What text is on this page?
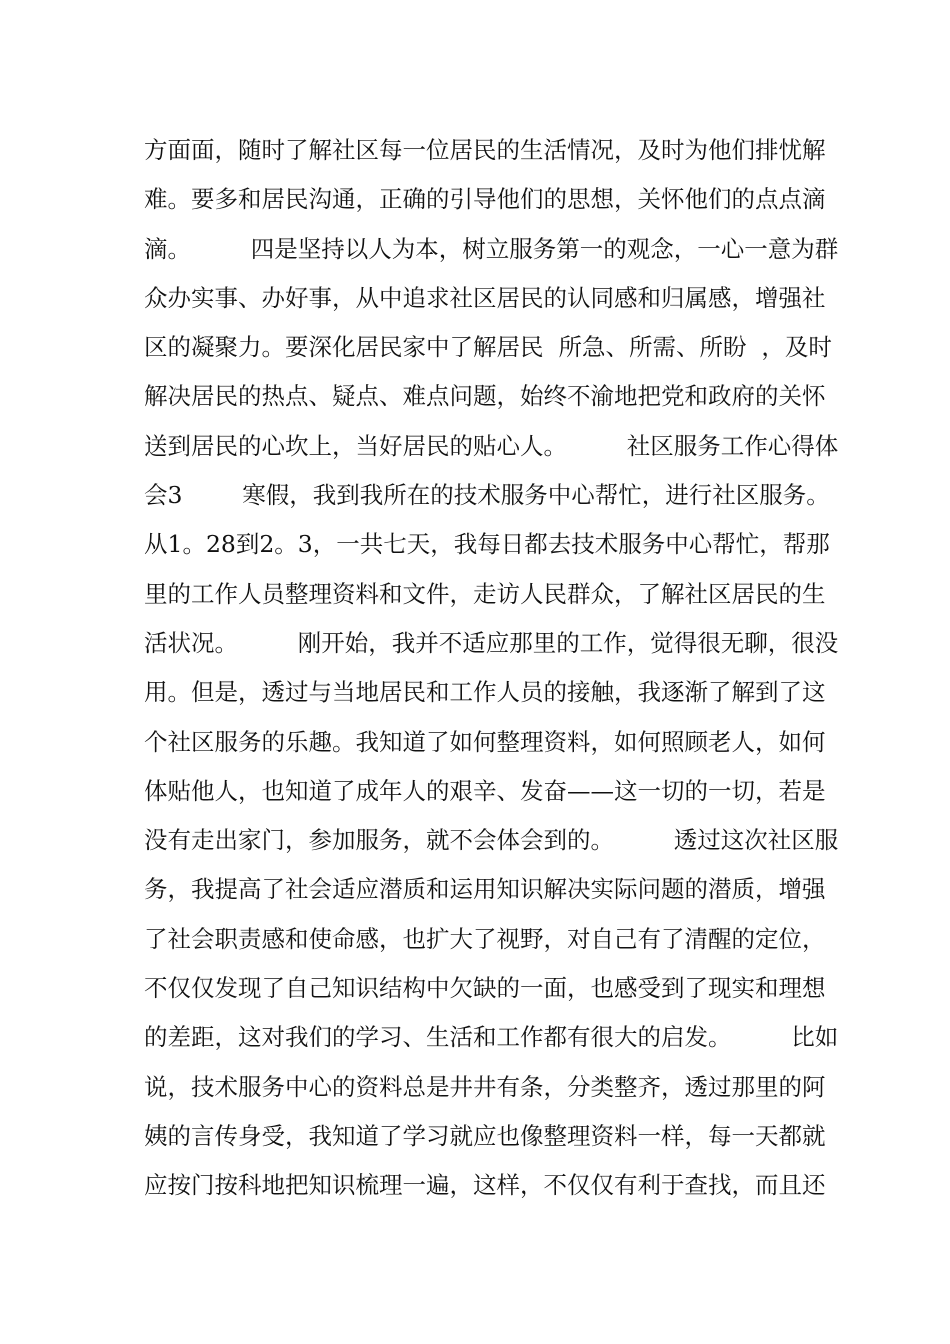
方面面，随时了解社区每一位居民的生活情况，及时为他们排忧解
难。要多和居民沟通，正确的引导他们的思想，关怀他们的点点滴
滴。        四是坚持以人为本，树立服务第一的观念，一心一意为群
众办实事、办好事，从中追求社区居民的认同感和归属感，增强社
区的凝聚力。要深化居民家中了解居民  所急、所需、所盼  ，及时
解决居民的热点、疑点、难点问题，始终不渝地把党和政府的关怀
送到居民的心坎上，当好居民的贴心人。        社区服务工作心得体
会3        寒假，我到我所在的技术服务中心帮忙，进行社区服务。
从1。28到2。3，一共七天，我每日都去技术服务中心帮忙，帮那
里的工作人员整理资料和文件，走访人民群众，了解社区居民的生
活状况。        刚开始，我并不适应那里的工作，觉得很无聊，很没
用。但是，透过与当地居民和工作人员的接触，我逐渐了解到了这
个社区服务的乐趣。我知道了如何整理资料，如何照顾老人，如何
体贴他人，也知道了成年人的艰辛、发奋——这一切的一切，若是
没有走出家门，参加服务，就不会体会到的。        透过这次社区服
务，我提高了社会适应潜质和运用知识解决实际问题的潜质，增强
了社会职责感和使命感，也扩大了视野，对自己有了清醒的定位，
不仅仅发现了自己知识结构中欠缺的一面，也感受到了现实和理想
的差距，这对我们的学习、生活和工作都有很大的启发。        比如
说，技术服务中心的资料总是井井有条，分类整齐，透过那里的阿
姨的言传身受，我知道了学习就应也像整理资料一样，每一天都就
应按门按科地把知识梳理一遍，这样，不仅仅有利于查找，而且还
